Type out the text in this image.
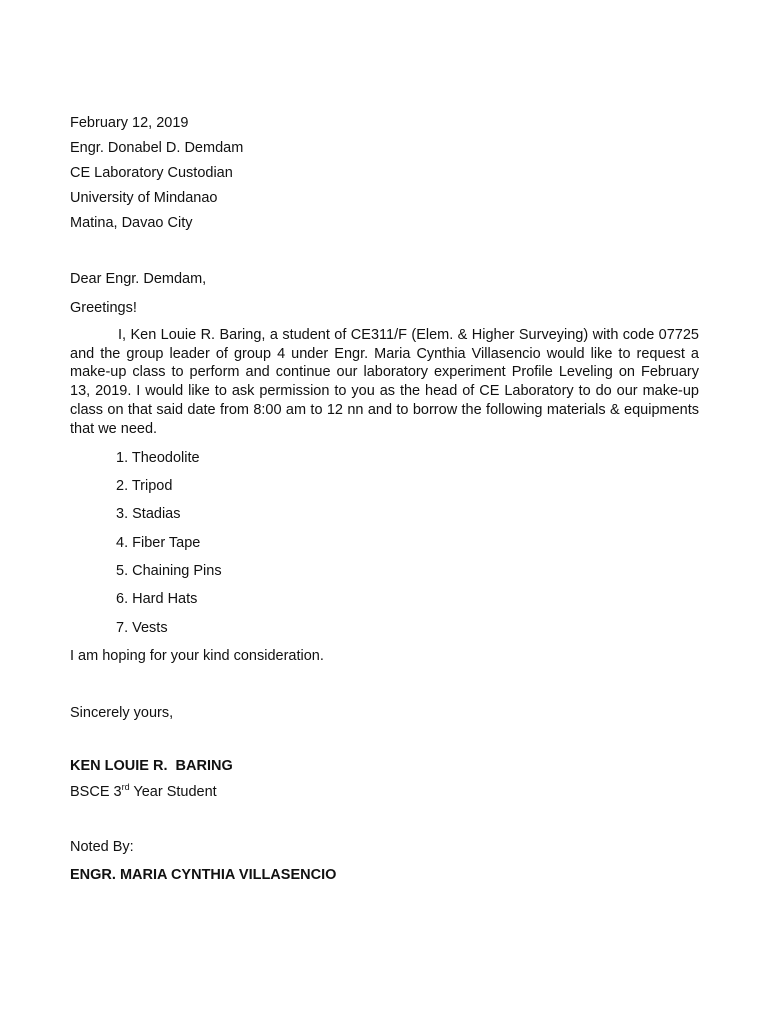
February 12, 2019
Engr. Donabel D. Demdam
CE Laboratory Custodian
University of Mindanao
Matina, Davao City
Dear Engr. Demdam,
Greetings!

I, Ken Louie R. Baring, a student of CE311/F (Elem. & Higher Surveying) with code 07725 and the group leader of group 4 under Engr. Maria Cynthia Villasencio would like to request a make-up class to perform and continue our laboratory experiment Profile Leveling on February 13, 2019. I would like to ask permission to you as the head of CE Laboratory to do our make-up class on that said date from 8:00 am to 12 nn and to borrow the following materials & equipments that we need.

1. Theodolite
2. Tripod
3. Stadias
4. Fiber Tape
5. Chaining Pins
6. Hard Hats
7. Vests
I am hoping for your kind consideration.
Sincerely yours,
KEN LOUIE R.  BARING
BSCE 3rd Year Student
Noted By:
ENGR. MARIA CYNTHIA VILLASENCIO
